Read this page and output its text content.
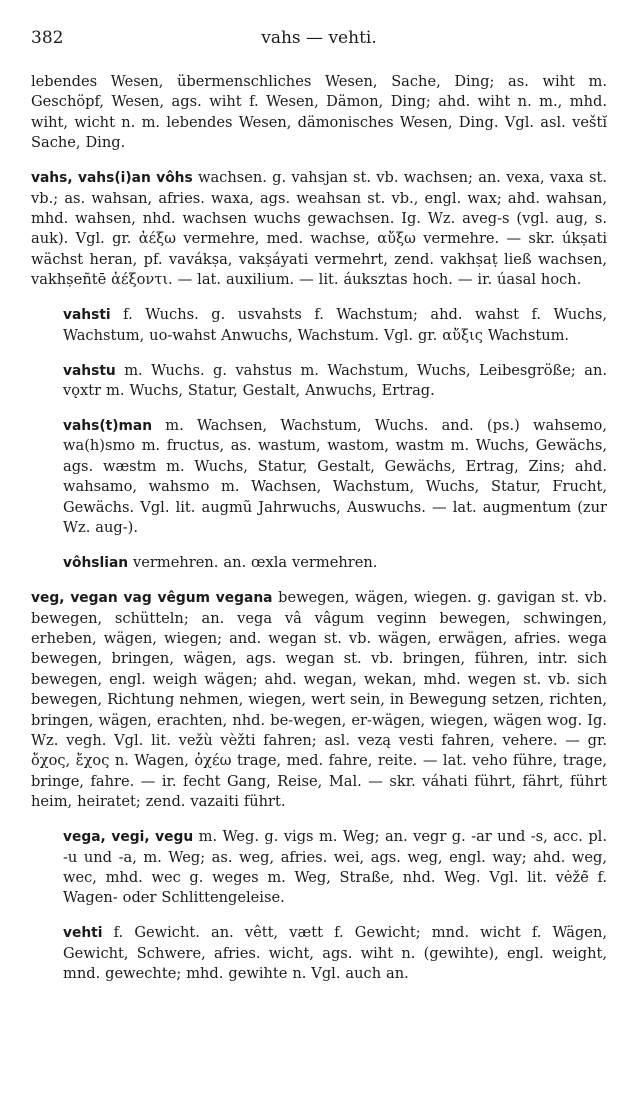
382	vahs — vehti.

lebendes Wesen, übermenschliches Wesen, Sache, Ding; as. wiht m. Geschöpf, Wesen, ags. wiht f. Wesen, Dämon, Ding; ahd. wiht n. m., mhd. wiht, wicht n. m. lebendes Wesen, dämonisches Wesen, Ding. Vgl. asl. veštĭ Sache, Ding.

vahs, vahs(i)an vôhs wachsen. g. vahsjan st. vb. wachsen; an. vexa, vaxa st. vb.; as. wahsan, afries. waxa, ags. weahsan st. vb., engl. wax; ahd. wahsan, mhd. wahsen, nhd. wachsen wuchs gewachsen. Ig. Wz. aveg-s (vgl. aug, s. auk). Vgl. gr. ἀέξω vermehre, med. wachse, αὔξω vermehre. — skr. úkṣati wächst heran, pf. vavákṣa, vakṣáyati vermehrt, zend. vakhṣaṭ ließ wachsen, vakhṣeñtē ἀέξοντι. — lat. auxilium. — lit. áuksztas hoch. — ir. úasal hoch.

vahsti f. Wuchs. g. usvahsts f. Wachstum; ahd. wahst f. Wuchs, Wachstum, uo-wahst Anwuchs, Wachstum. Vgl. gr. αὔξις Wachstum.

vahstu m. Wuchs. g. vahstus m. Wachstum, Wuchs, Leibesgröße; an. vǫxtr m. Wuchs, Statur, Gestalt, Anwuchs, Ertrag.

vahs(t)man m. Wachsen, Wachstum, Wuchs. and. (ps.) wahsemo, wa(h)smo m. fructus, as. wastum, wastom, wastm m. Wuchs, Gewächs, ags. wæstm m. Wuchs, Statur, Gestalt, Gewächs, Ertrag, Zins; ahd. wahsamo, wahsmo m. Wachsen, Wachstum, Wuchs, Statur, Frucht, Gewächs. Vgl. lit. augmũ Jahrwuchs, Auswuchs. — lat. augmentum (zur Wz. aug-).

vôhslian vermehren. an. œxla vermehren.

veg, vegan vag vêgum vegana bewegen, wägen, wiegen. g. gavigan st. vb. bewegen, schütteln; an. vega vâ vâgum veginn bewegen, schwingen, erheben, wägen, wiegen; and. wegan st. vb. wägen, erwägen, afries. wega bewegen, bringen, wägen, ags. wegan st. vb. bringen, führen, intr. sich bewegen, engl. weigh wägen; ahd. wegan, wekan, mhd. wegen st. vb. sich bewegen, Richtung nehmen, wiegen, wert sein, in Bewegung setzen, richten, bringen, wägen, erachten, nhd. be-wegen, er-wägen, wiegen, wägen wog. Ig. Wz. vegh. Vgl. lit. vežù vèžti fahren; asl. vezą vesti fahren, vehere. — gr. ὄχος, ἔχος n. Wagen, ὀχέω trage, med. fahre, reite. — lat. veho führe, trage, bringe, fahre. — ir. fecht Gang, Reise, Mal. — skr. váhati führt, fährt, führt heim, heiratet; zend. vazaiti führt.

vega, vegi, vegu m. Weg. g. vigs m. Weg; an. vegr g. -ar und -s, acc. pl. -u und -a, m. Weg; as. weg, afries. wei, ags. weg, engl. way; ahd. weg, wec, mhd. wec g. weges m. Weg, Straße, nhd. Weg. Vgl. lit. vėžė̃ f. Wagen- oder Schlittengeleise.

vehti f. Gewicht. an. vêtt, vætt f. Gewicht; mnd. wicht f. Wägen, Gewicht, Schwere, afries. wicht, ags. wiht n. (gewihte), engl. weight, mnd. gewechte; mhd. gewihte n. Vgl. auch an.
